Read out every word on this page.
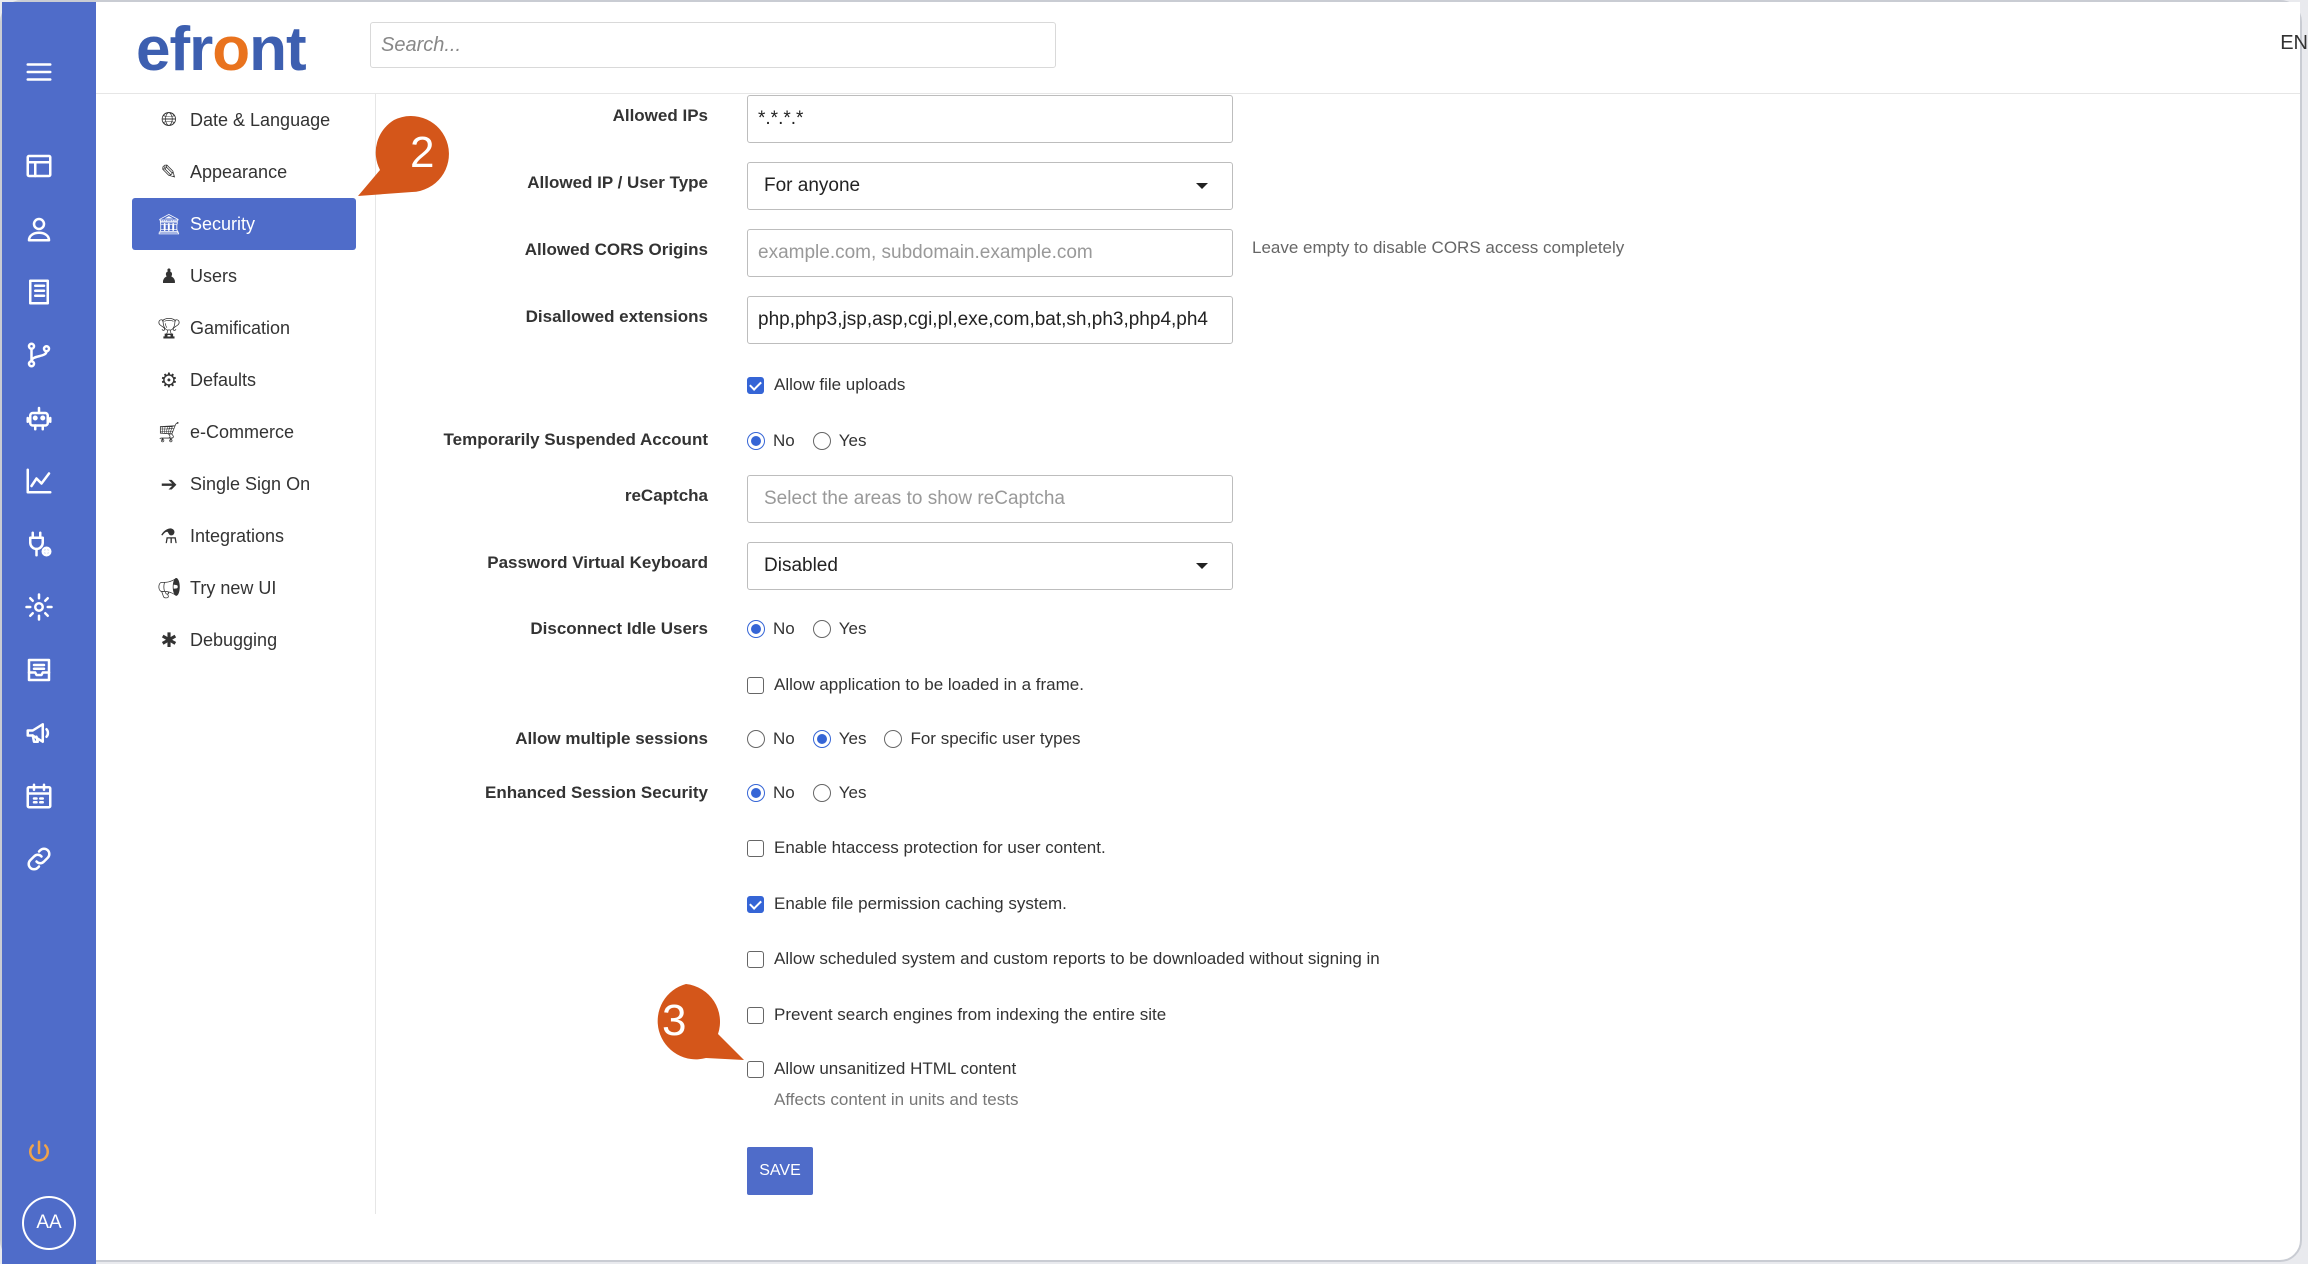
AA
efront
Search...	EN
🌐︎ Date & Language
✎ Appearance
🏛︎ Security
♟ Users
🏆︎ Gamification
⚙ Defaults
🛒︎ e-Commerce
➔ Single Sign On
⚗ Integrations
📢︎ Try new UI
✱ Debugging
Allowed IPs	*.*.*.*
Allowed IP / User Type	For anyone
Allowed CORS Origins	example.com, subdomain.example.com	Leave empty to disable CORS access completely
Disallowed extensions	php,php3,jsp,asp,cgi,pl,exe,com,bat,sh,ph3,php4,ph4
Allow file uploads
Temporarily Suspended Account	No	Yes
reCaptcha	Select the areas to show reCaptcha
Password Virtual Keyboard	Disabled
Disconnect Idle Users	No	Yes
Allow application to be loaded in a frame.
Allow multiple sessions	No	Yes	For specific user types
Enhanced Session Security	No	Yes
Enable htaccess protection for user content.
Enable file permission caching system.
Allow scheduled system and custom reports to be downloaded without signing in
Prevent search engines from indexing the entire site
Allow unsanitized HTML content
Affects content in units and tests
SAVE
2
3
